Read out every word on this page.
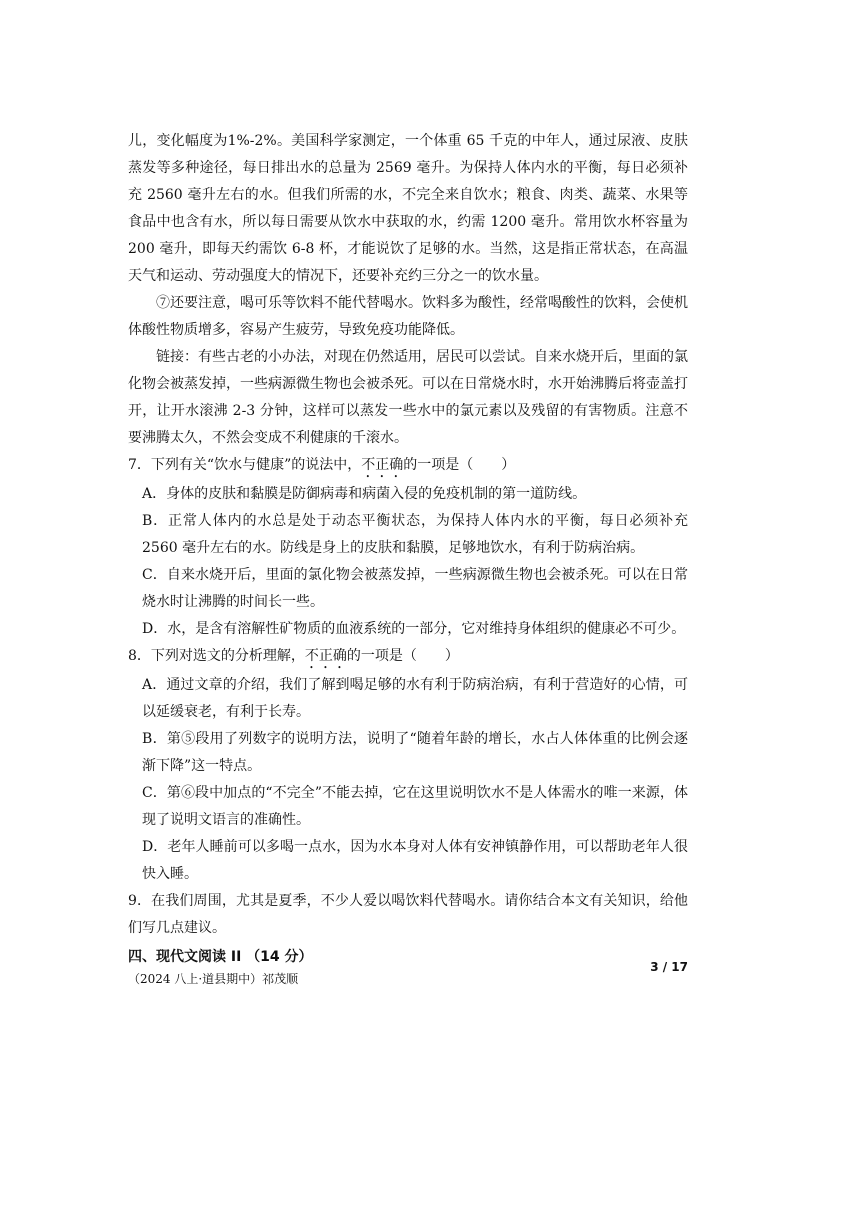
儿，变化幅度为1%-2%。美国科学家测定，一个体重 65 千克的中年人，通过尿液、皮肤蒸发等多种途径，每日排出水的总量为 2569 毫升。为保持人体内水的平衡，每日必须补充 2560 毫升左右的水。但我们所需的水，不完全来自饮水；粮食、肉类、蔬菜、水果等食品中也含有水，所以每日需要从饮水中获取的水，约需 1200 毫升。常用饮水杯容量为 200 毫升，即每天约需饮 6-8 杯，才能说饮了足够的水。当然，这是指正常状态，在高温天气和运动、劳动强度大的情况下，还要补充约三分之一的饮水量。

⑦还要注意，喝可乐等饮料不能代替喝水。饮料多为酸性，经常喝酸性的饮料，会使机体酸性物质增多，容易产生疲劳，导致免疫功能降低。

链接：有些古老的小办法，对现在仍然适用，居民可以尝试。自来水烧开后，里面的氯化物会被蒸发掉，一些病源微生物也会被杀死。可以在日常烧水时，水开始沸腾后将壶盖打开，让开水滚沸 2-3 分钟，这样可以蒸发一些水中的氯元素以及残留的有害物质。注意不要沸腾太久，不然会变成不利健康的千滚水。

7．下列有关“饮水与健康”的说法中，不正确的一项是（　　）

A．身体的皮肤和黏膜是防御病毒和病菌入侵的免疫机制的第一道防线。

B．正常人体内的水总是处于动态平衡状态，为保持人体内水的平衡，每日必须补充 2560 毫升左右的水。防线是身上的皮肤和黏膜，足够地饮水，有利于防病治病。

C．自来水烧开后，里面的氯化物会被蒸发掉，一些病源微生物也会被杀死。可以在日常烧水时让沸腾的时间长一些。

D．水，是含有溶解性矿物质的血液系统的一部分，它对维持身体组织的健康必不可少。

8．下列对选文的分析理解，不正确的一项是（　　）

A．通过文章的介绍，我们了解到喝足够的水有利于防病治病，有利于营造好的心情，可以延缓衰老，有利于长寿。

B．第⑤段用了列数字的说明方法，说明了“随着年龄的增长，水占人体体重的比例会逐渐下降”这一特点。

C．第⑥段中加点的“不完全”不能去掉，它在这里说明饮水不是人体需水的唯一来源，体现了说明文语言的准确性。

D．老年人睡前可以多喝一点水，因为水本身对人体有安神镇静作用，可以帮助老年人很快入睡。

9．在我们周围，尤其是夏季，不少人爱以喝饮料代替喝水。请你结合本文有关知识，给他们写几点建议。

四、现代文阅读 II （14 分）

（2024 八上·道县期中）祁茂顺

3 / 17
